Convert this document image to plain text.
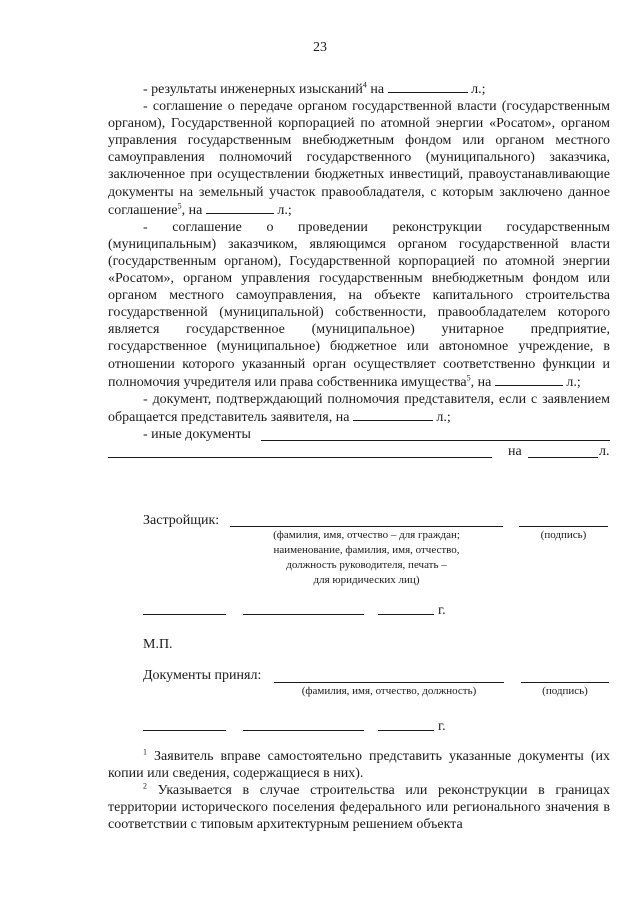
23

- результаты инженерных изысканий$^4$ на	л.;

- соглашение о передаче органом государственной власти (государственным органом), Государственной корпорацией по атомной энергии «Росатом», органом управления государственным внебюджетным фондом или органом местного самоуправления полномочий государственного (муниципального) заказчика, заключенное при осуществлении бюджетных инвестиций, правоустанавливающие документы на земельный участок правообладателя, с которым заключено данное соглашение$^5$, на	л.;

- соглашение о проведении реконструкции государственным (муниципальным) заказчиком, являющимся органом государственной власти (государственным органом), Государственной корпорацией по атомной энергии «Росатом», органом управления государственным внебюджетным фондом или органом местного самоуправления, на объекте капитального строительства государственной (муниципальной) собственности, правообладателем которого является государственное (муниципальное) унитарное предприятие, государственное (муниципальное) бюджетное или автономное учреждение, в отношении которого указанный орган осуществляет соответственно функции и полномочия учредителя или права собственника имущества$^5$, на	л.;

- документ, подтверждающий полномочия представителя, если с заявлением обращается представитель заявителя, на	л.;

- иные документы

на	л.
Застройщик:
(фамилия, имя, отчество – для граждан;
наименование, фамилия, имя, отчество,
должность руководителя, печать –
для юридических лиц)
(подпись)
г.
М.П.
Документы принял:
(фамилия, имя, отчество, должность)	(подпись)
г.

$^1$ Заявитель вправе самостоятельно представить указанные документы (их копии или сведения, содержащиеся в них).

$^2$ Указывается в случае строительства или реконструкции в границах территории исторического поселения федерального или регионального значения в соответствии с типовым архитектурным решением объекта
